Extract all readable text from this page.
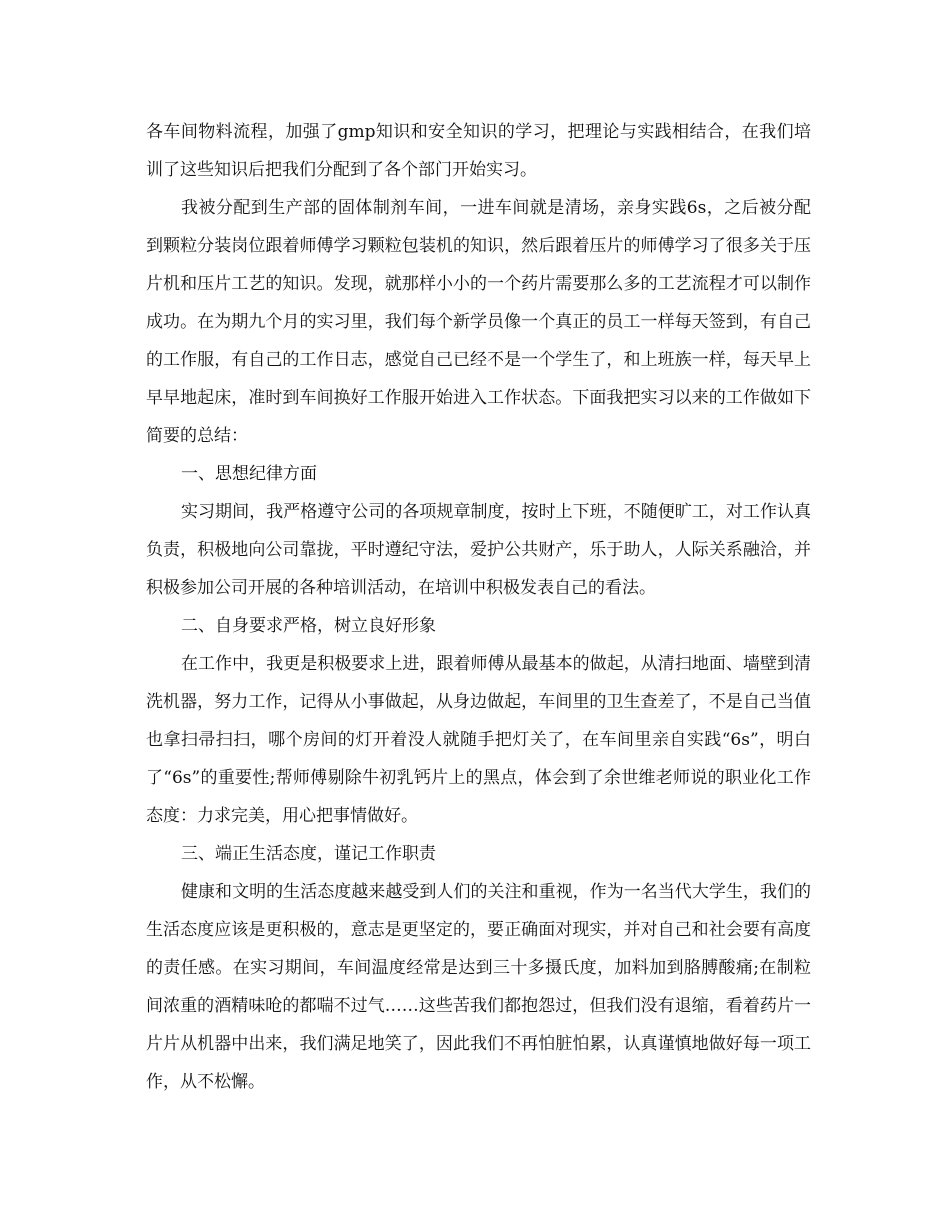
各车间物料流程，加强了gmp知识和安全知识的学习，把理论与实践相结合，在我们培训了这些知识后把我们分配到了各个部门开始实习。

我被分配到生产部的固体制剂车间，一进车间就是清场，亲身实践6s，之后被分配到颗粒分装岗位跟着师傅学习颗粒包装机的知识，然后跟着压片的师傅学习了很多关于压片机和压片工艺的知识。发现，就那样小小的一个药片需要那么多的工艺流程才可以制作成功。在为期九个月的实习里，我们每个新学员像一个真正的员工一样每天签到，有自己的工作服，有自己的工作日志，感觉自己已经不是一个学生了，和上班族一样，每天早上早早地起床，准时到车间换好工作服开始进入工作状态。下面我把实习以来的工作做如下简要的总结：

一、思想纪律方面

实习期间，我严格遵守公司的各项规章制度，按时上下班，不随便旷工，对工作认真负责，积极地向公司靠拢，平时遵纪守法，爱护公共财产，乐于助人，人际关系融洽，并积极参加公司开展的各种培训活动，在培训中积极发表自己的看法。

二、自身要求严格，树立良好形象

在工作中，我更是积极要求上进，跟着师傅从最基本的做起，从清扫地面、墙壁到清洗机器，努力工作，记得从小事做起，从身边做起，车间里的卫生查差了，不是自己当值也拿扫帚扫扫，哪个房间的灯开着没人就随手把灯关了，在车间里亲自实践“6s”，明白了“6s”的重要性;帮师傅剔除牛初乳钙片上的黑点，体会到了余世维老师说的职业化工作态度：力求完美，用心把事情做好。

三、端正生活态度，谨记工作职责

健康和文明的生活态度越来越受到人们的关注和重视，作为一名当代大学生，我们的生活态度应该是更积极的，意志是更坚定的，要正确面对现实，并对自己和社会要有高度的责任感。在实习期间，车间温度经常是达到三十多摄氏度，加料加到胳膊酸痛;在制粒间浓重的酒精味呛的都喘不过气……这些苦我们都抱怨过，但我们没有退缩，看着药片一片片从机器中出来，我们满足地笑了，因此我们不再怕脏怕累，认真谨慎地做好每一项工作，从不松懈。
